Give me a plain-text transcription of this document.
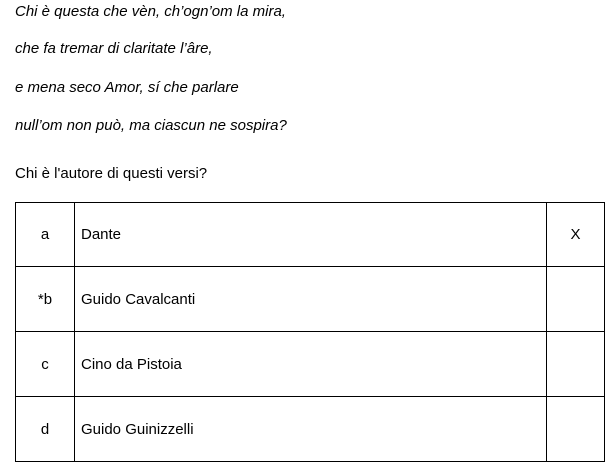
Chi è questa che vèn, ch’ogn’om la mira,

che fa tremar di claritate l’âre,

e mena seco Amor, sí che parlare

null’om non può, ma ciascun ne sospira?

Chi è l'autore di questi versi?

a	Dante	X
*b	Guido Cavalcanti	
c	Cino da Pistoia	
d	Guido Guinizzelli	
